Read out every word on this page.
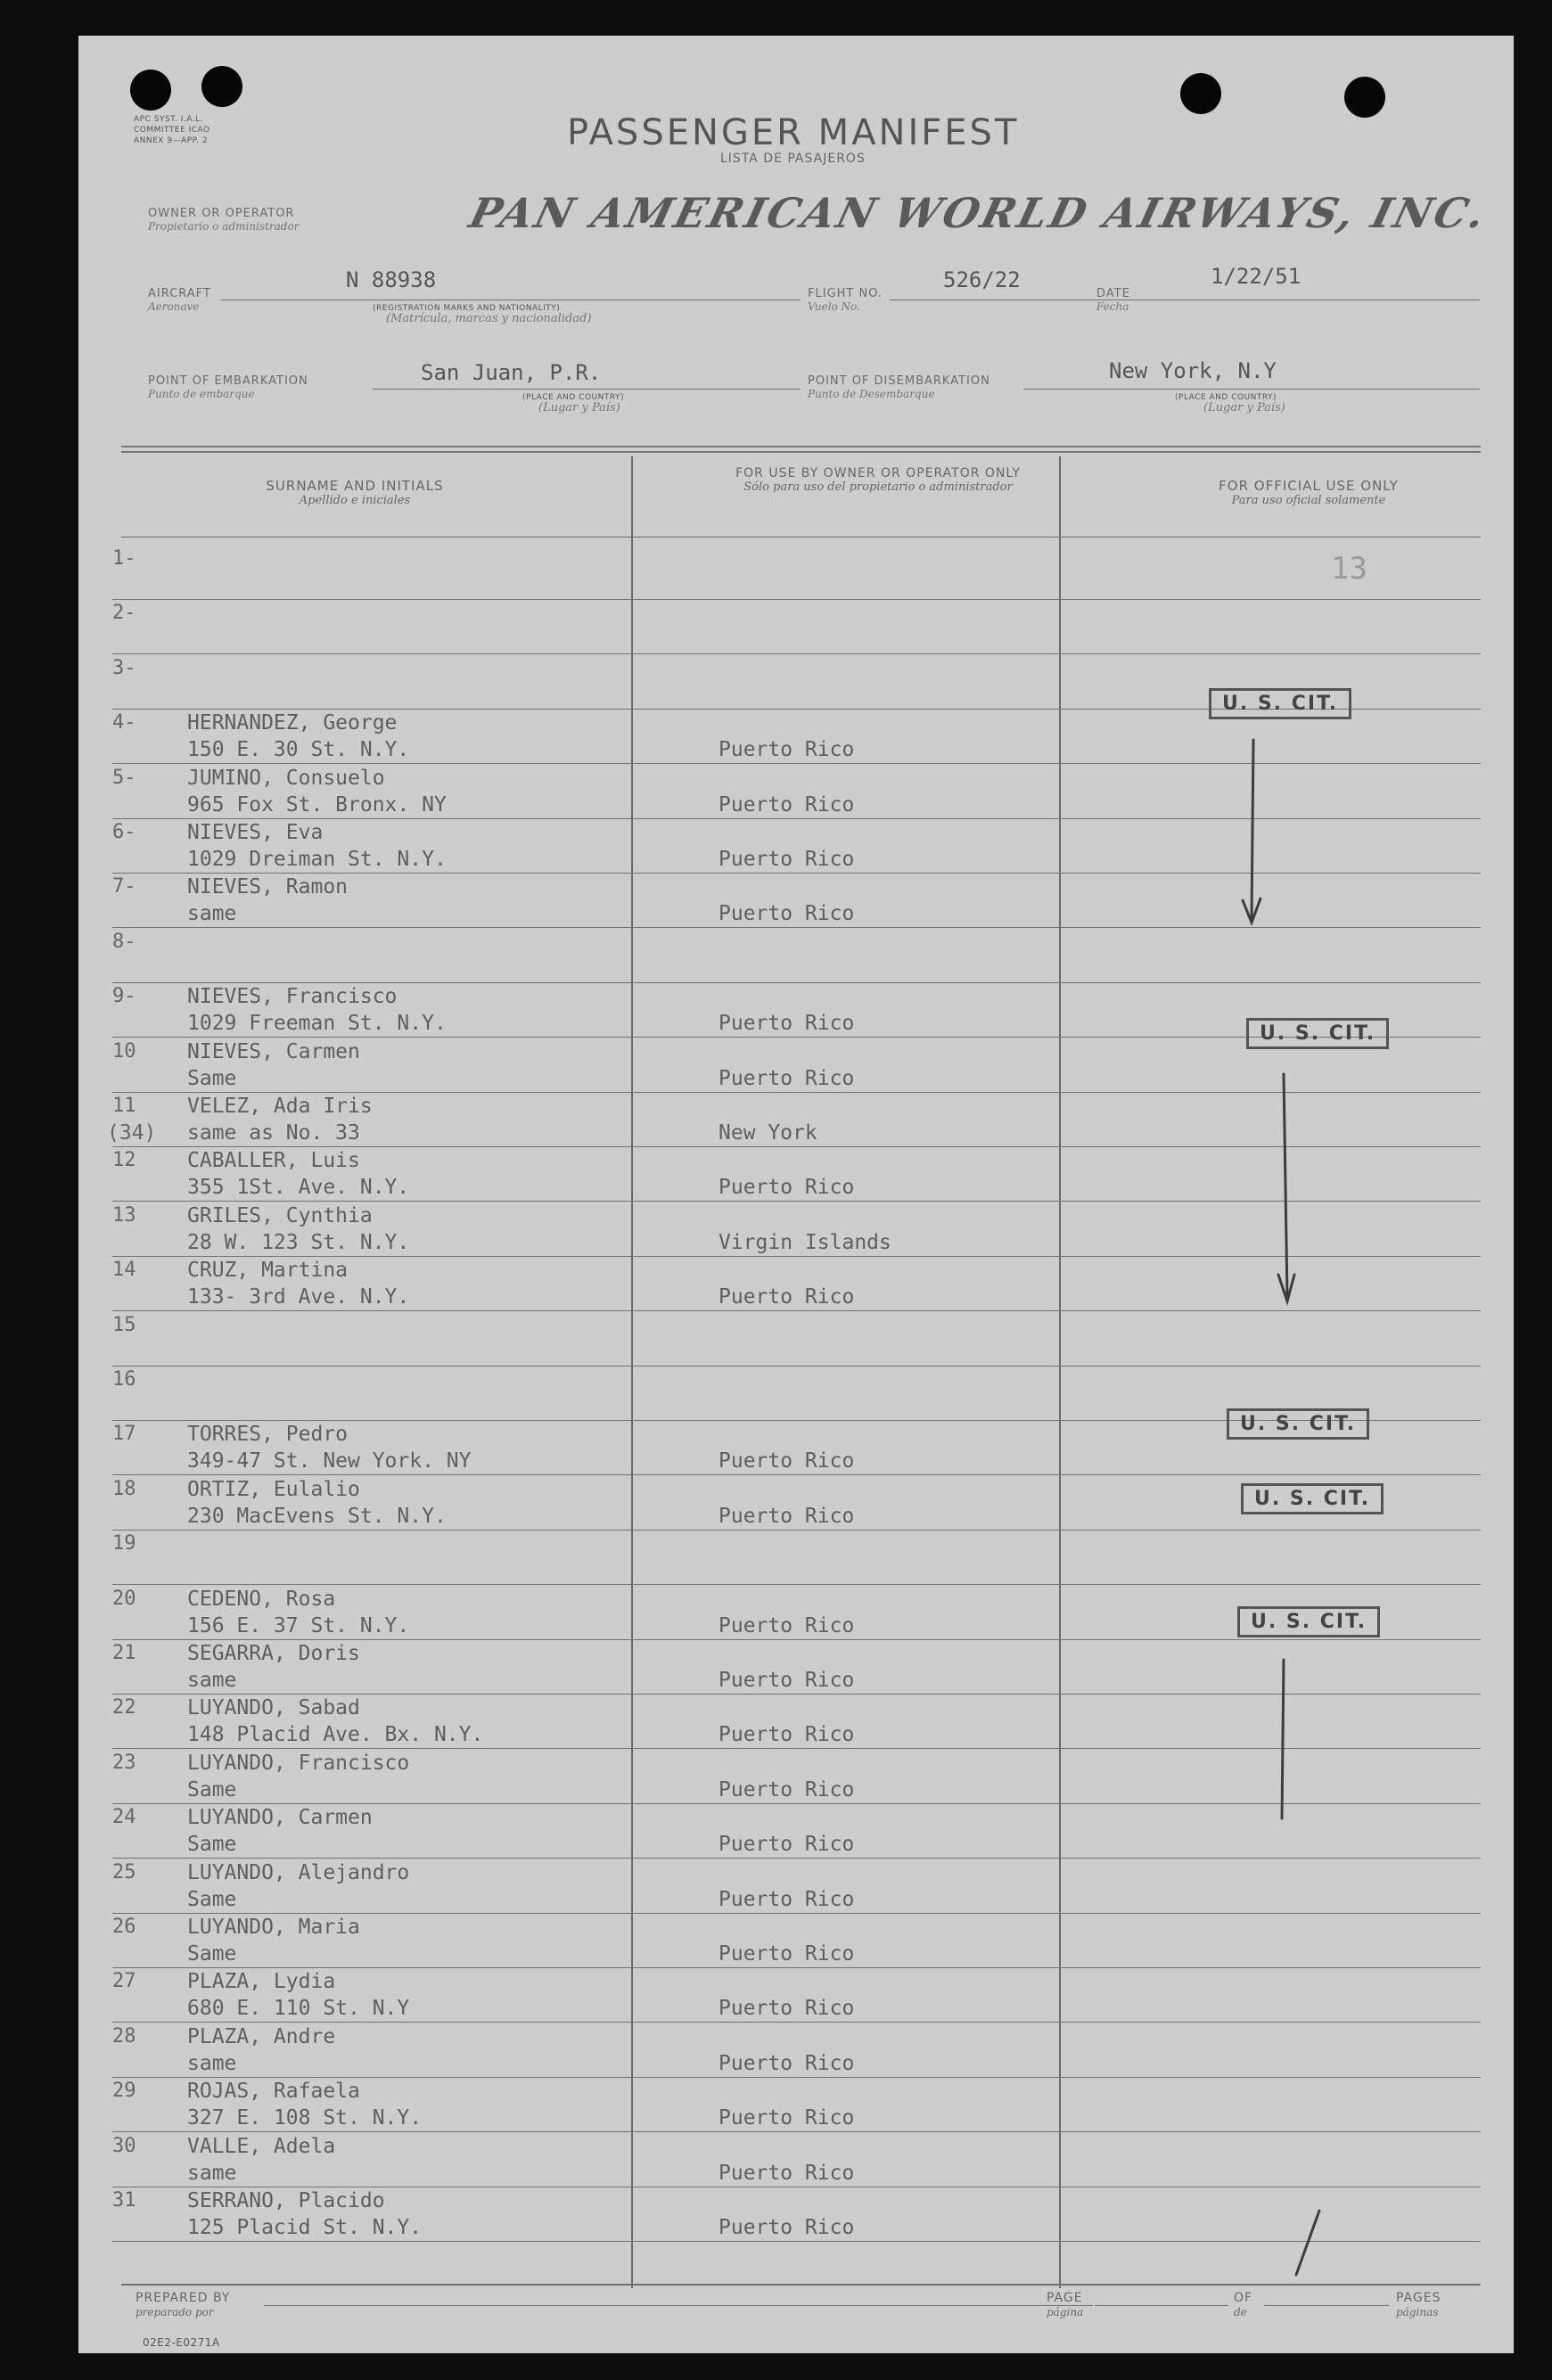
APC SYST. I.A.L. COMMITTEE ICAO ANNEX 9—APP. 2	PASSENGER MANIFEST
LISTA DE PASAJEROS
OWNER OR OPERATOR
Propietario o administrador	PAN AMERICAN WORLD AIRWAYS, INC.
AIRCRAFT
Aeronave
N 88938
(REGISTRATION MARKS AND NATIONALITY)
(Matrícula, marcas y nacionalidad)
FLIGHT NO.
Vuelo No.
526/22
DATE
Fecha
1/22/51
POINT OF EMBARKATION
Punto de embarque
San Juan, P.R.
(PLACE AND COUNTRY)
(Lugar y País)
POINT OF DISEMBARKATION
Punto de Desembarque
New York, N.Y
(PLACE AND COUNTRY)
(Lugar y País)
SURNAME AND INITIALS
Apellido e iniciales
FOR USE BY OWNER OR OPERATOR ONLY
Sólo para uso del propietario o administrador	FOR OFFICIAL USE ONLY
Para uso oficial solamente
13
1-
2-
3-
4-	HERNANDEZ, George
150 E. 30 St. N.Y.	Puerto Rico
5-	JUMINO, Consuelo
965 Fox St. Bronx. NY	Puerto Rico
6-	NIEVES, Eva
1029 Dreiman St. N.Y.	Puerto Rico
7-	NIEVES, Ramon
same	Puerto Rico
8-
9-	NIEVES, Francisco
1029 Freeman St. N.Y.	Puerto Rico
10	NIEVES, Carmen
Same	Puerto Rico
11	VELEZ, Ada Iris
same as No. 33	New York
(34)
12	CABALLER, Luis
355 1St. Ave. N.Y.	Puerto Rico
13	GRILES, Cynthia
28 W. 123 St. N.Y.	Virgin Islands
14	CRUZ, Martina
133- 3rd Ave. N.Y.	Puerto Rico
15
16
17	TORRES, Pedro
349-47 St. New York. NY	Puerto Rico
18	ORTIZ, Eulalio
230 MacEvens St. N.Y.	Puerto Rico
19
20	CEDENO, Rosa
156 E. 37 St. N.Y.	Puerto Rico
21	SEGARRA, Doris
same	Puerto Rico
22	LUYANDO, Sabad
148 Placid Ave. Bx. N.Y.	Puerto Rico
23	LUYANDO, Francisco
Same	Puerto Rico
24	LUYANDO, Carmen
Same	Puerto Rico
25	LUYANDO, Alejandro
Same	Puerto Rico
26	LUYANDO, Maria
Same	Puerto Rico
27	PLAZA, Lydia
680 E. 110 St. N.Y	Puerto Rico
28	PLAZA, Andre
same	Puerto Rico
29	ROJAS, Rafaela
327 E. 108 St. N.Y.	Puerto Rico
30	VALLE, Adela
same	Puerto Rico
31	SERRANO, Placido
125 Placid St. N.Y.	Puerto Rico
U. S. CIT.
U. S. CIT.
U. S. CIT.
U. S. CIT.
U. S. CIT.
PREPARED BY
preparado por
PAGE
página
OF
de
PAGES
páginas
02E2-E0271A
